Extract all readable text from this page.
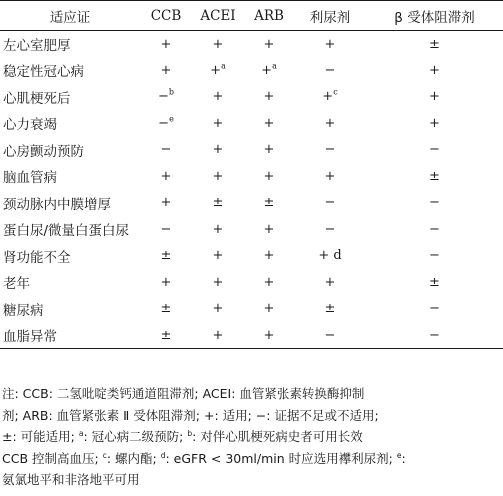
适应证	CCB	ACEI	ARB	利尿剂	β 受体阻滞剂
左心室肥厚	+	+	+	+	±
稳定性冠心病	+	+$^a$	+$^a$	−	+
心肌梗死后	−$^b$	+	+	+$^c$	+
心力衰竭	−$^e$	+	+	+	+
心房颤动预防	−	+	+	−	−
脑血管病	+	+	+	+	±
颈动脉内中膜增厚	+	±	±	−	−
蛋白尿/微量白蛋白尿	−	+	+	−	−
肾功能不全	±	+	+	+ d	−
老年	+	+	+	+	±
糖尿病	±	+	+	±	−
血脂异常	±	+	+	−	−
注: CCB: 二氢吡啶类钙通道阻滞剂; ACEI: 血管紧张素转换酶抑制
剂; ARB: 血管紧张素 Ⅱ 受体阻滞剂; +: 适用; −: 证据不足或不适用;
±: 可能适用; $^a$: 冠心病二级预防; $^b$: 对伴心肌梗死病史者可用长效
CCB 控制高血压; $^c$: 螺内酯; $^d$: eGFR < 30ml/min 时应选用襻利尿剂; $^e$:
氨氯地平和非洛地平可用
